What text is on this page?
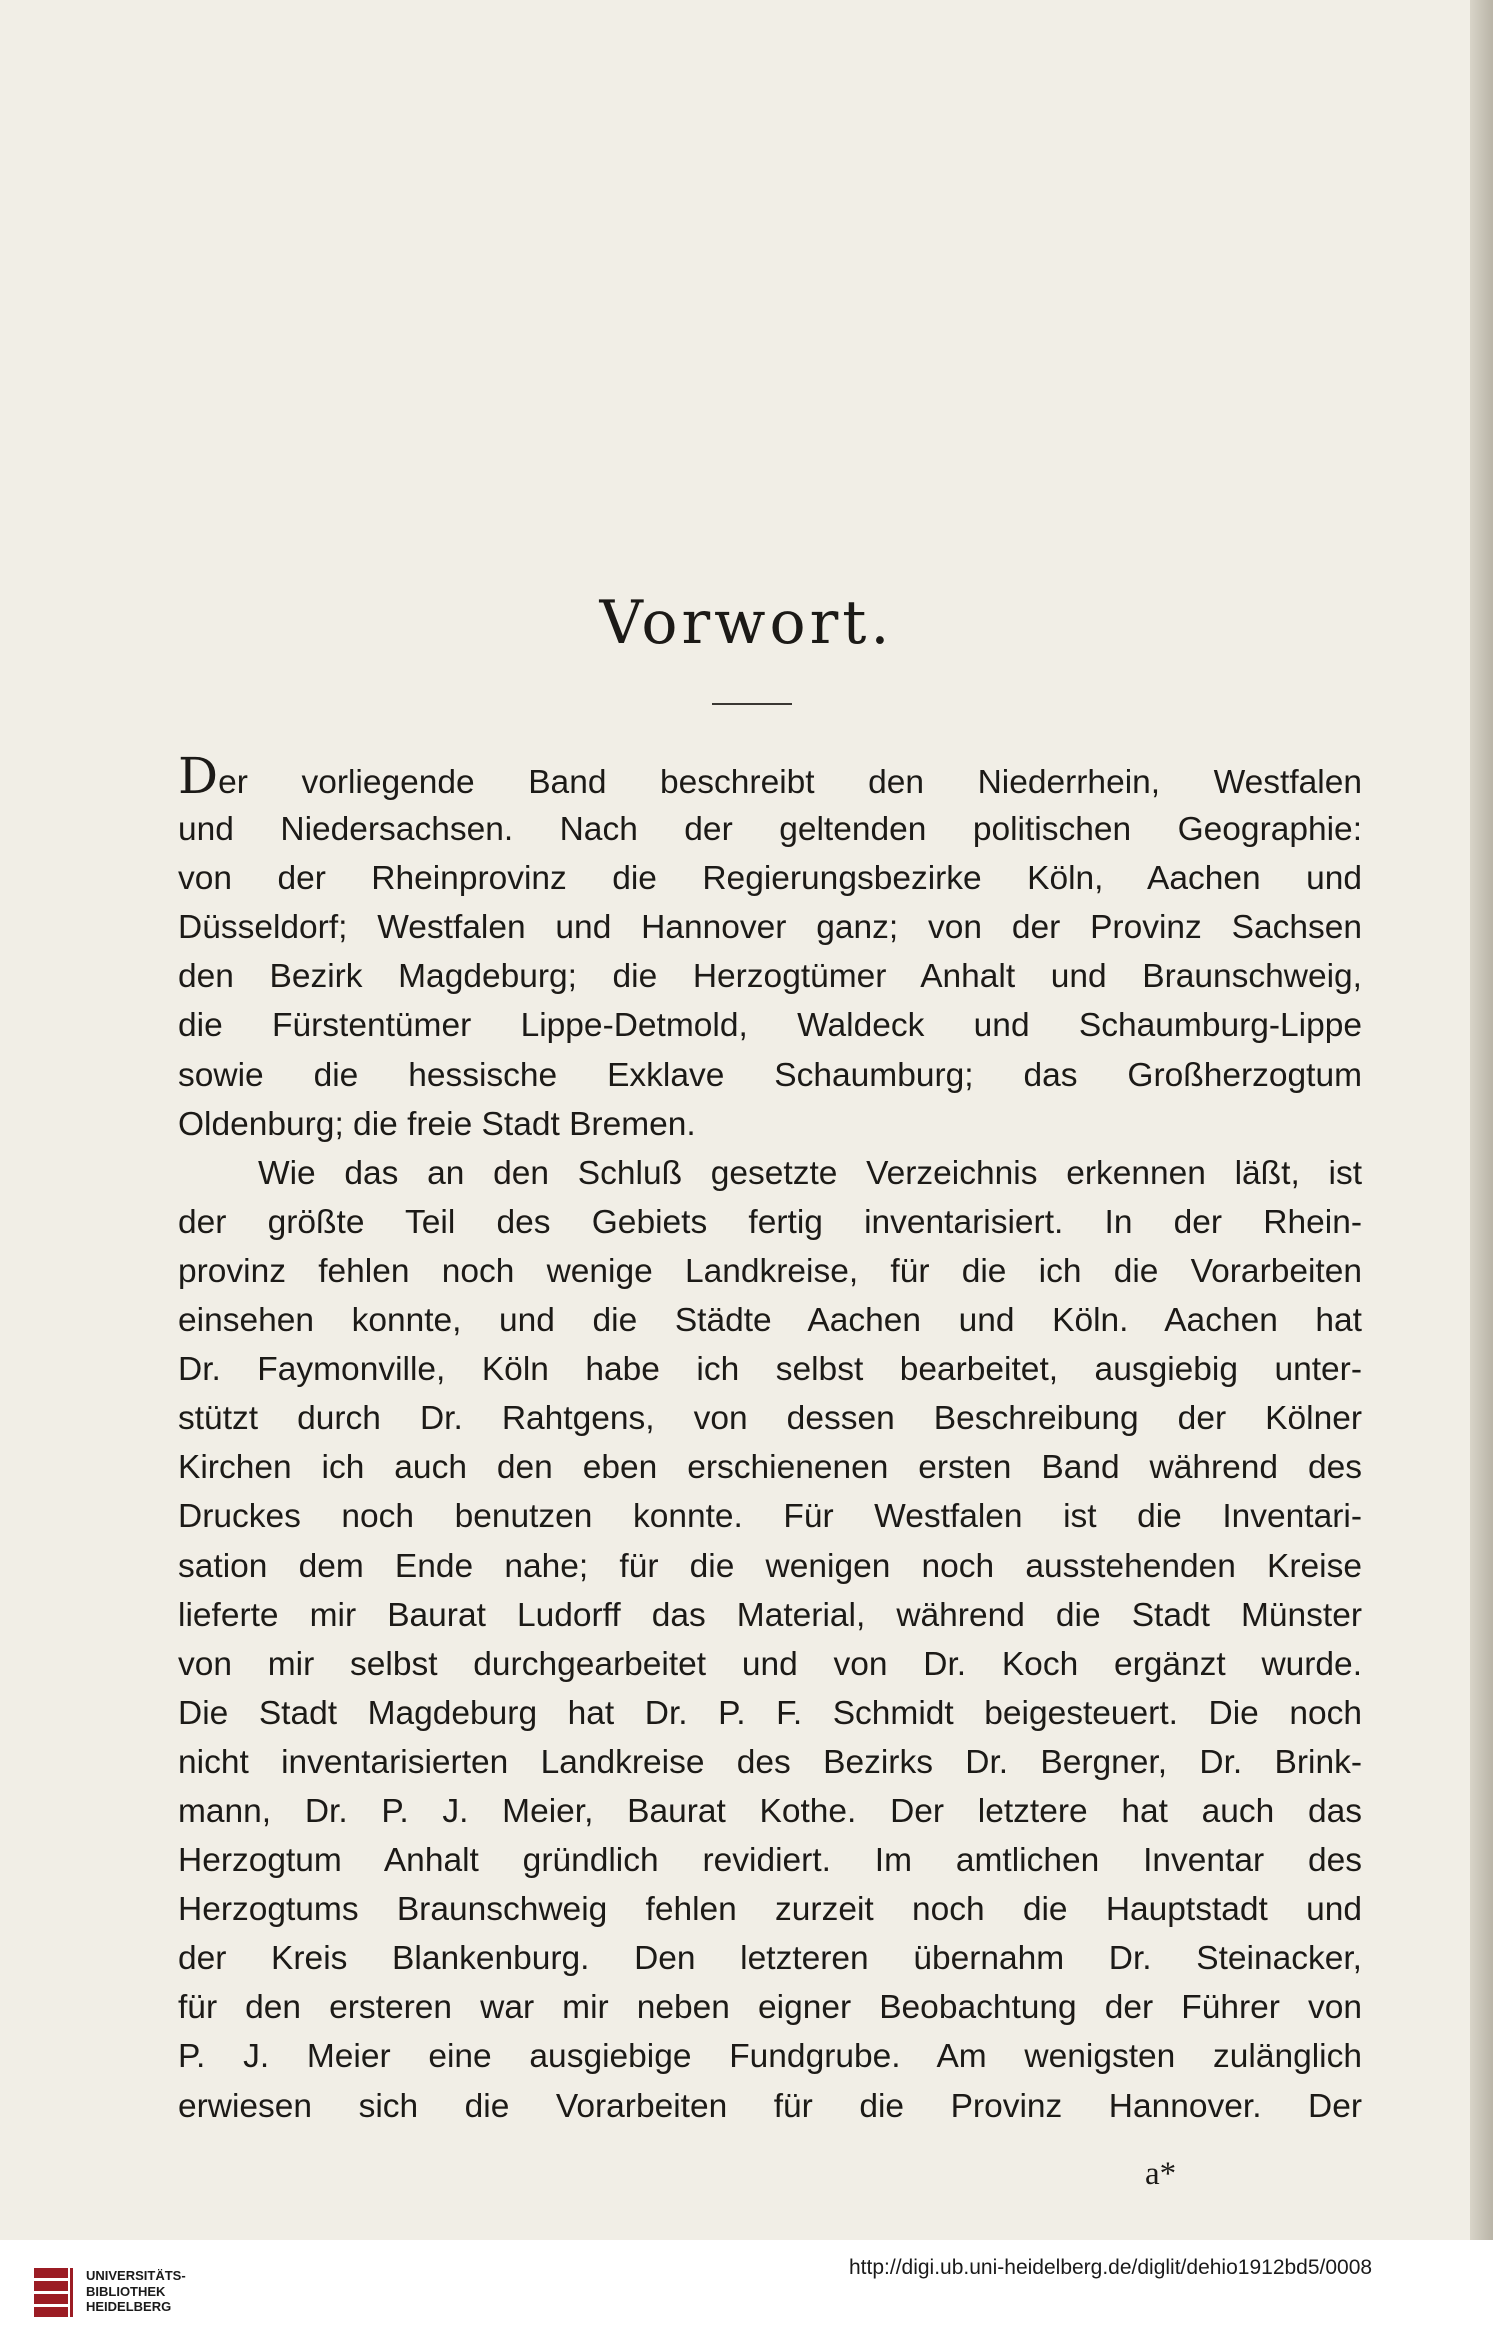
Vorwort.
Der vorliegende Band beschreibt den Niederrhein, Westfalen
und Niedersachsen. Nach der geltenden politischen Geographie:
von der Rheinprovinz die Regierungsbezirke Köln, Aachen und
Düsseldorf; Westfalen und Hannover ganz; von der Provinz Sachsen
den Bezirk Magdeburg; die Herzogtümer Anhalt und Braunschweig,
die Fürstentümer Lippe-Detmold, Waldeck und Schaumburg-Lippe
sowie die hessische Exklave Schaumburg; das Großherzogtum
Oldenburg; die freie Stadt Bremen.
Wie das an den Schluß gesetzte Verzeichnis erkennen läßt, ist
der größte Teil des Gebiets fertig inventarisiert. In der Rhein-
provinz fehlen noch wenige Landkreise, für die ich die Vorarbeiten
einsehen konnte, und die Städte Aachen und Köln. Aachen hat
Dr. Faymonville, Köln habe ich selbst bearbeitet, ausgiebig unter-
stützt durch Dr. Rahtgens, von dessen Beschreibung der Kölner
Kirchen ich auch den eben erschienenen ersten Band während des
Druckes noch benutzen konnte. Für Westfalen ist die Inventari-
sation dem Ende nahe; für die wenigen noch ausstehenden Kreise
lieferte mir Baurat Ludorff das Material, während die Stadt Münster
von mir selbst durchgearbeitet und von Dr. Koch ergänzt wurde.
Die Stadt Magdeburg hat Dr. P. F. Schmidt beigesteuert. Die noch
nicht inventarisierten Landkreise des Bezirks Dr. Bergner, Dr. Brink-
mann, Dr. P. J. Meier, Baurat Kothe. Der letztere hat auch das
Herzogtum Anhalt gründlich revidiert. Im amtlichen Inventar des
Herzogtums Braunschweig fehlen zurzeit noch die Hauptstadt und
der Kreis Blankenburg. Den letzteren übernahm Dr. Steinacker,
für den ersteren war mir neben eigner Beobachtung der Führer von
P. J. Meier eine ausgiebige Fundgrube. Am wenigsten zulänglich
erwiesen sich die Vorarbeiten für die Provinz Hannover. Der
a*
UNIVERSITÄTS-
BIBLIOTHEK
HEIDELBERG
http://digi.ub.uni-heidelberg.de/diglit/dehio1912bd5/0008
